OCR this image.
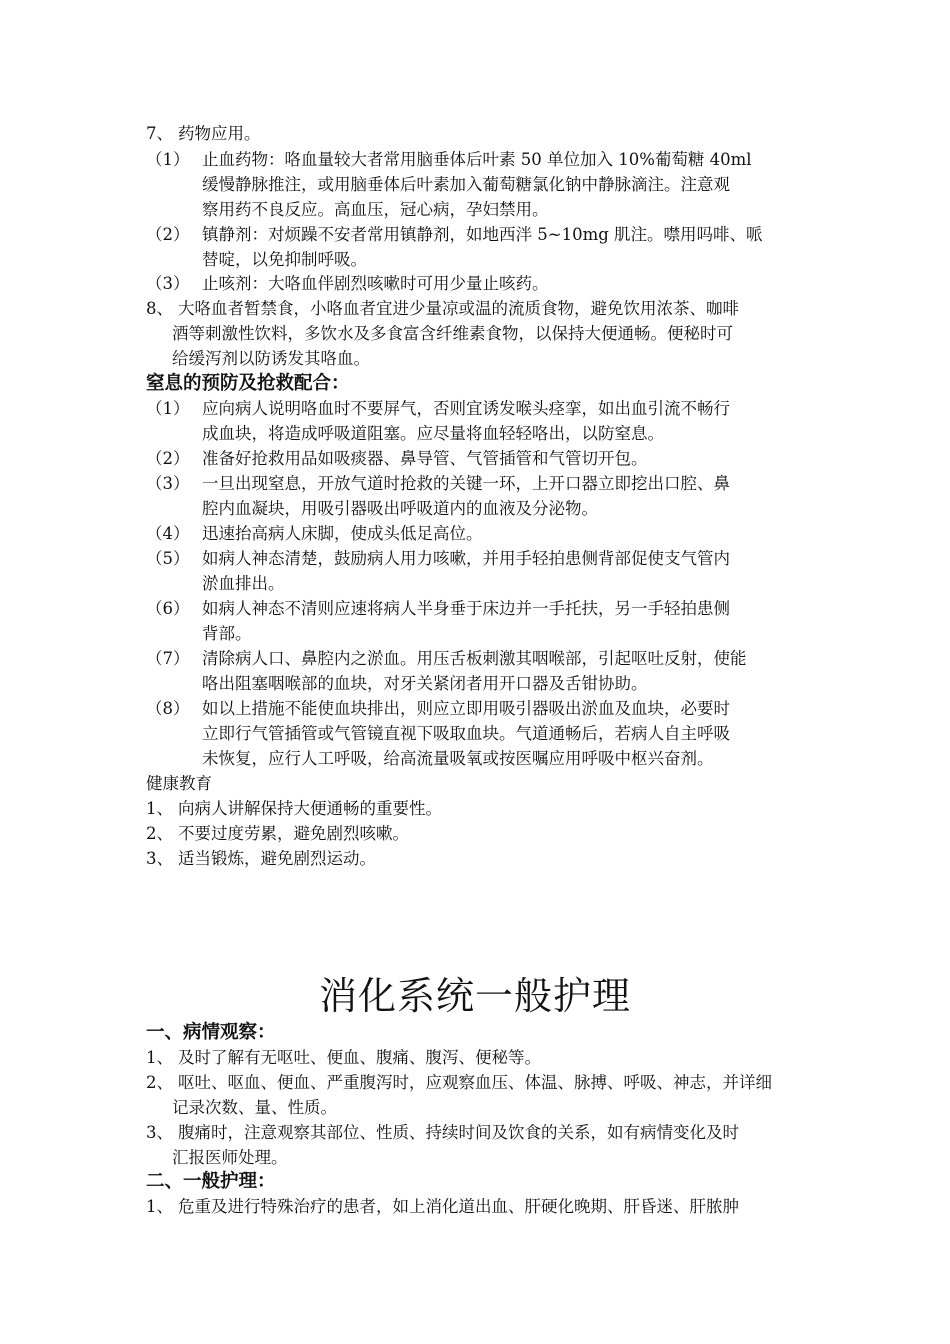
7、 药物应用。
（1） 止血药物：咯血量较大者常用脑垂体后叶素 50 单位加入 10%葡萄糖 40ml
缓慢静脉推注，或用脑垂体后叶素加入葡萄糖氯化钠中静脉滴注。注意观
察用药不良反应。高血压，冠心病，孕妇禁用。
（2） 镇静剂：对烦躁不安者常用镇静剂，如地西泮 5~10mg 肌注。噤用吗啡、哌
替啶，以免抑制呼吸。
（3） 止咳剂：大咯血伴剧烈咳嗽时可用少量止咳药。
8、 大咯血者暂禁食，小咯血者宜进少量凉或温的流质食物，避免饮用浓茶、咖啡
酒等刺激性饮料，多饮水及多食富含纤维素食物，以保持大便通畅。便秘时可
给缓泻剂以防诱发其咯血。
窒息的预防及抢救配合：
（1） 应向病人说明咯血时不要屏气，否则宜诱发喉头痉挛，如出血引流不畅行
成血块，将造成呼吸道阻塞。应尽量将血轻轻咯出，以防窒息。
（2） 准备好抢救用品如吸痰器、鼻导管、气管插管和气管切开包。
（3） 一旦出现窒息，开放气道时抢救的关键一环，上开口器立即挖出口腔、鼻
腔内血凝块，用吸引器吸出呼吸道内的血液及分泌物。
（4） 迅速抬高病人床脚，使成头低足高位。
（5） 如病人神态清楚，鼓励病人用力咳嗽，并用手轻拍患侧背部促使支气管内
淤血排出。
（6） 如病人神态不清则应速将病人半身垂于床边并一手托扶，另一手轻拍患侧
背部。
（7） 清除病人口、鼻腔内之淤血。用压舌板刺激其咽喉部，引起呕吐反射，使能
咯出阻塞咽喉部的血块，对牙关紧闭者用开口器及舌钳协助。
（8） 如以上措施不能使血块排出，则应立即用吸引器吸出淤血及血块，必要时
立即行气管插管或气管镜直视下吸取血块。气道通畅后，若病人自主呼吸
未恢复，应行人工呼吸，给高流量吸氧或按医嘱应用呼吸中枢兴奋剂。
健康教育
1、 向病人讲解保持大便通畅的重要性。
2、 不要过度劳累，避免剧烈咳嗽。
3、 适当锻炼，避免剧烈运动。
消化系统一般护理
一、病情观察：
1、 及时了解有无呕吐、便血、腹痛、腹泻、便秘等。
2、 呕吐、呕血、便血、严重腹泻时，应观察血压、体温、脉搏、呼吸、神志，并详细
记录次数、量、性质。
3、 腹痛时，注意观察其部位、性质、持续时间及饮食的关系，如有病情变化及时
汇报医师处理。
二、一般护理：
1、 危重及进行特殊治疗的患者，如上消化道出血、肝硬化晚期、肝昏迷、肝脓肿
